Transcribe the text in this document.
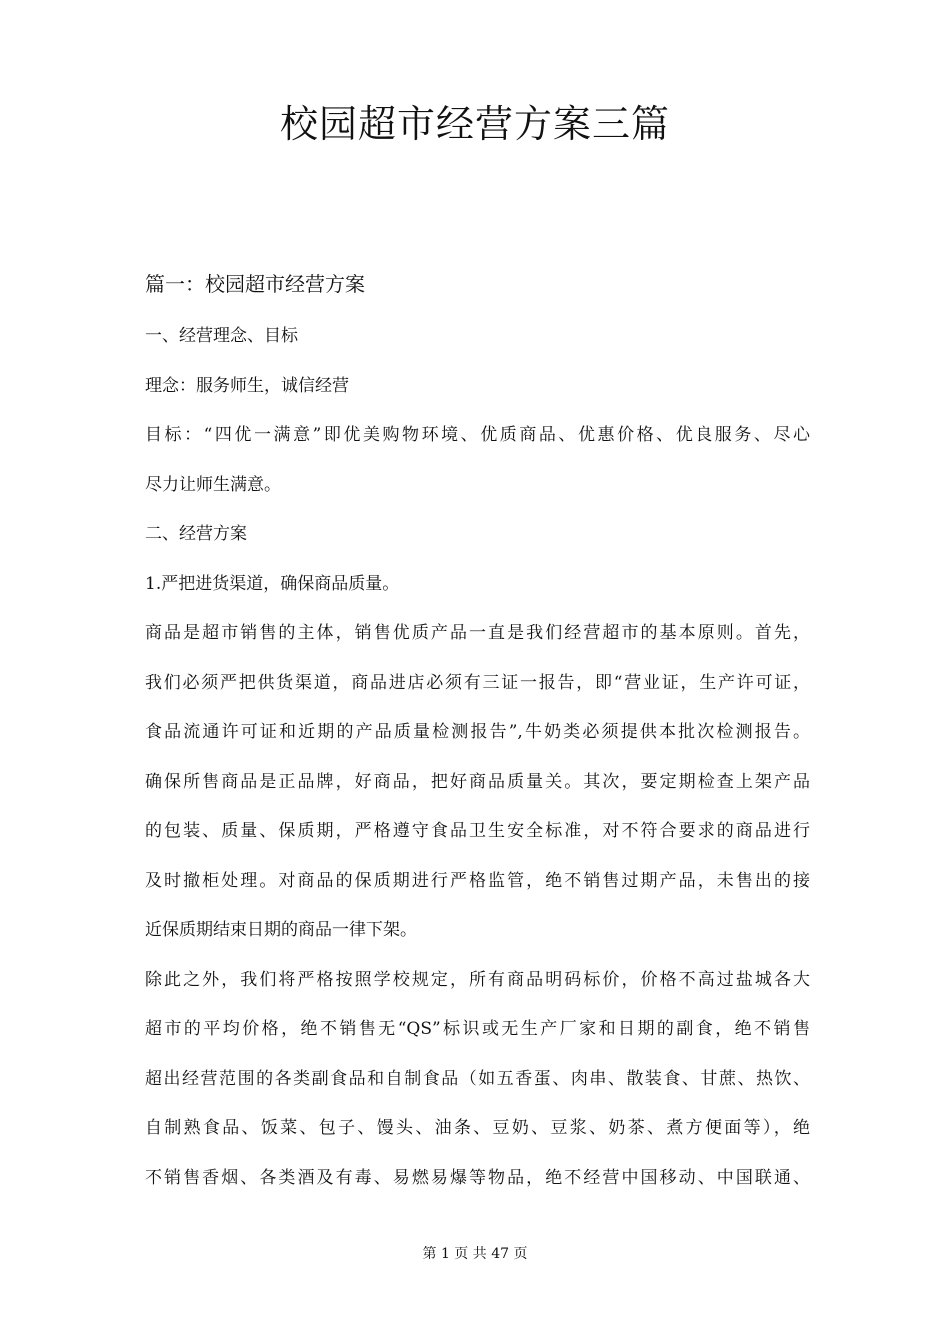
校园超市经营方案三篇
篇一：校园超市经营方案

一、经营理念、目标

理念：服务师生，诚信经营

目标：“四优一满意”即优美购物环境、优质商品、优惠价格、优良服务、尽心

尽力让师生满意。

二、经营方案

1.严把进货渠道，确保商品质量。

商品是超市销售的主体，销售优质产品一直是我们经营超市的基本原则。首先，

我们必须严把供货渠道，商品进店必须有三证一报告，即“营业证，生产许可证，

食品流通许可证和近期的产品质量检测报告”,牛奶类必须提供本批次检测报告。

确保所售商品是正品牌，好商品，把好商品质量关。其次，要定期检查上架产品

的包装、质量、保质期，严格遵守食品卫生安全标准，对不符合要求的商品进行

及时撤柜处理。对商品的保质期进行严格监管，绝不销售过期产品，未售出的接

近保质期结束日期的商品一律下架。

除此之外，我们将严格按照学校规定，所有商品明码标价，价格不高过盐城各大

超市的平均价格，绝不销售无“QS”标识或无生产厂家和日期的副食，绝不销售

超出经营范围的各类副食品和自制食品（如五香蛋、肉串、散装食、甘蔗、热饮、

自制熟食品、饭菜、包子、馒头、油条、豆奶、豆浆、奶茶、煮方便面等），绝

不销售香烟、各类酒及有毒、易燃易爆等物品，绝不经营中国移动、中国联通、

第 1 页 共 47 页
